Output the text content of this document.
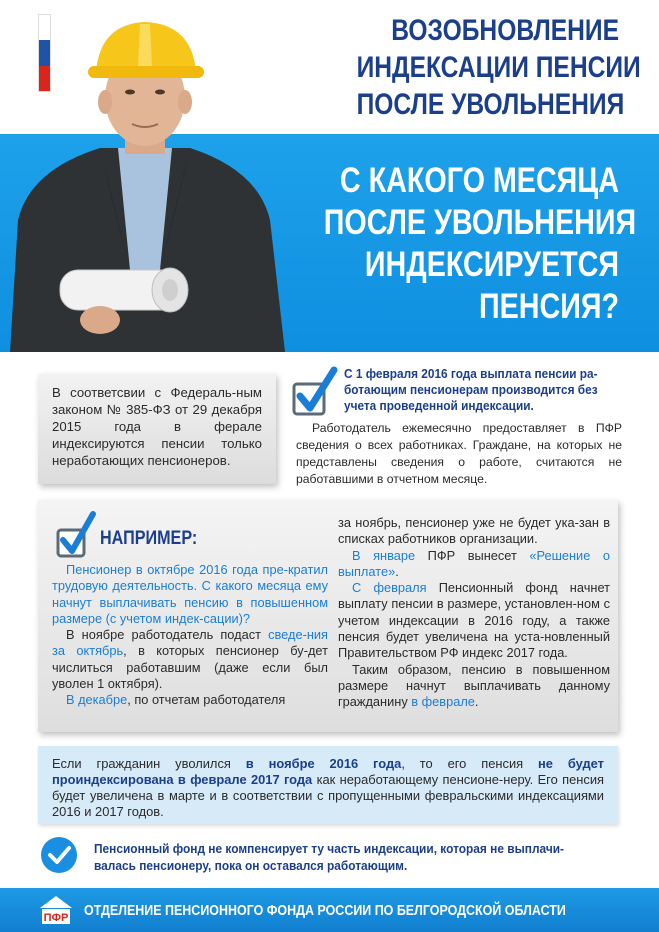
ВОЗОБНОВЛЕНИЕ
ИНДЕКСАЦИИ ПЕНСИИ
ПОСЛЕ УВОЛЬНЕНИЯ
С КАКОГО МЕСЯЦА
ПОСЛЕ УВОЛЬНЕНИЯ
ИНДЕКСИРУЕТСЯ
ПЕНСИЯ?

В соответсвии с Федераль-ным законом № 385-ФЗ от 29 декабря 2015 года в ферале индексируются пенсии только неработающих пенсионеров.

С 1 февраля 2016 года выплата пенсии ра-ботающим пенсионерам производится без учета проведенной индексации.

Работодатель ежемесячно предоставляет в ПФР сведения о всех работниках. Граждане, на которых не представлены сведения о работе, считаются не работавшими в отчетном месяце.

НАПРИМЕР:

Пенсионер в октябре 2016 года пре-кратил трудовую деятельность. С какого месяца ему начнут выплачивать пенсию в повышенном размере (с учетом индек-сации)?

В ноябре работодатель подаст сведе-ния за октябрь, в которых пенсионер бу-дет числиться работавшим (даже если был уволен 1 октября).

В декабре, по отчетам работодателя

за ноябрь, пенсионер уже не будет ука-зан в списках работников организации.

В январе ПФР вынесет «Решение о выплате».

С февраля Пенсионный фонд начнет выплату пенсии в размере, установлен-ном с учетом индексации в 2016 году, а также пенсия будет увеличена на уста-новленный Правительством РФ индекс 2017 года.

Таким образом, пенсию в повышенном размере начнут выплачивать данному гражданину в феврале.

Если гражданин уволился в ноябре 2016 года, то его пенсия не будет проиндексирована в феврале 2017 года как неработающему пенсионе-неру. Его пенсия будет увеличена в марте и в соответствии с пропущенными февральскими индексациями 2016 и 2017 годов.
Пенсионный фонд не компенсирует ту часть индексации, которая не выплачи-валась пенсионеру, пока он оставался работающим.
ПФР ОТДЕЛЕНИЕ ПЕНСИОННОГО ФОНДА РОССИИ ПО БЕЛГОРОДСКОЙ ОБЛАСТИ
